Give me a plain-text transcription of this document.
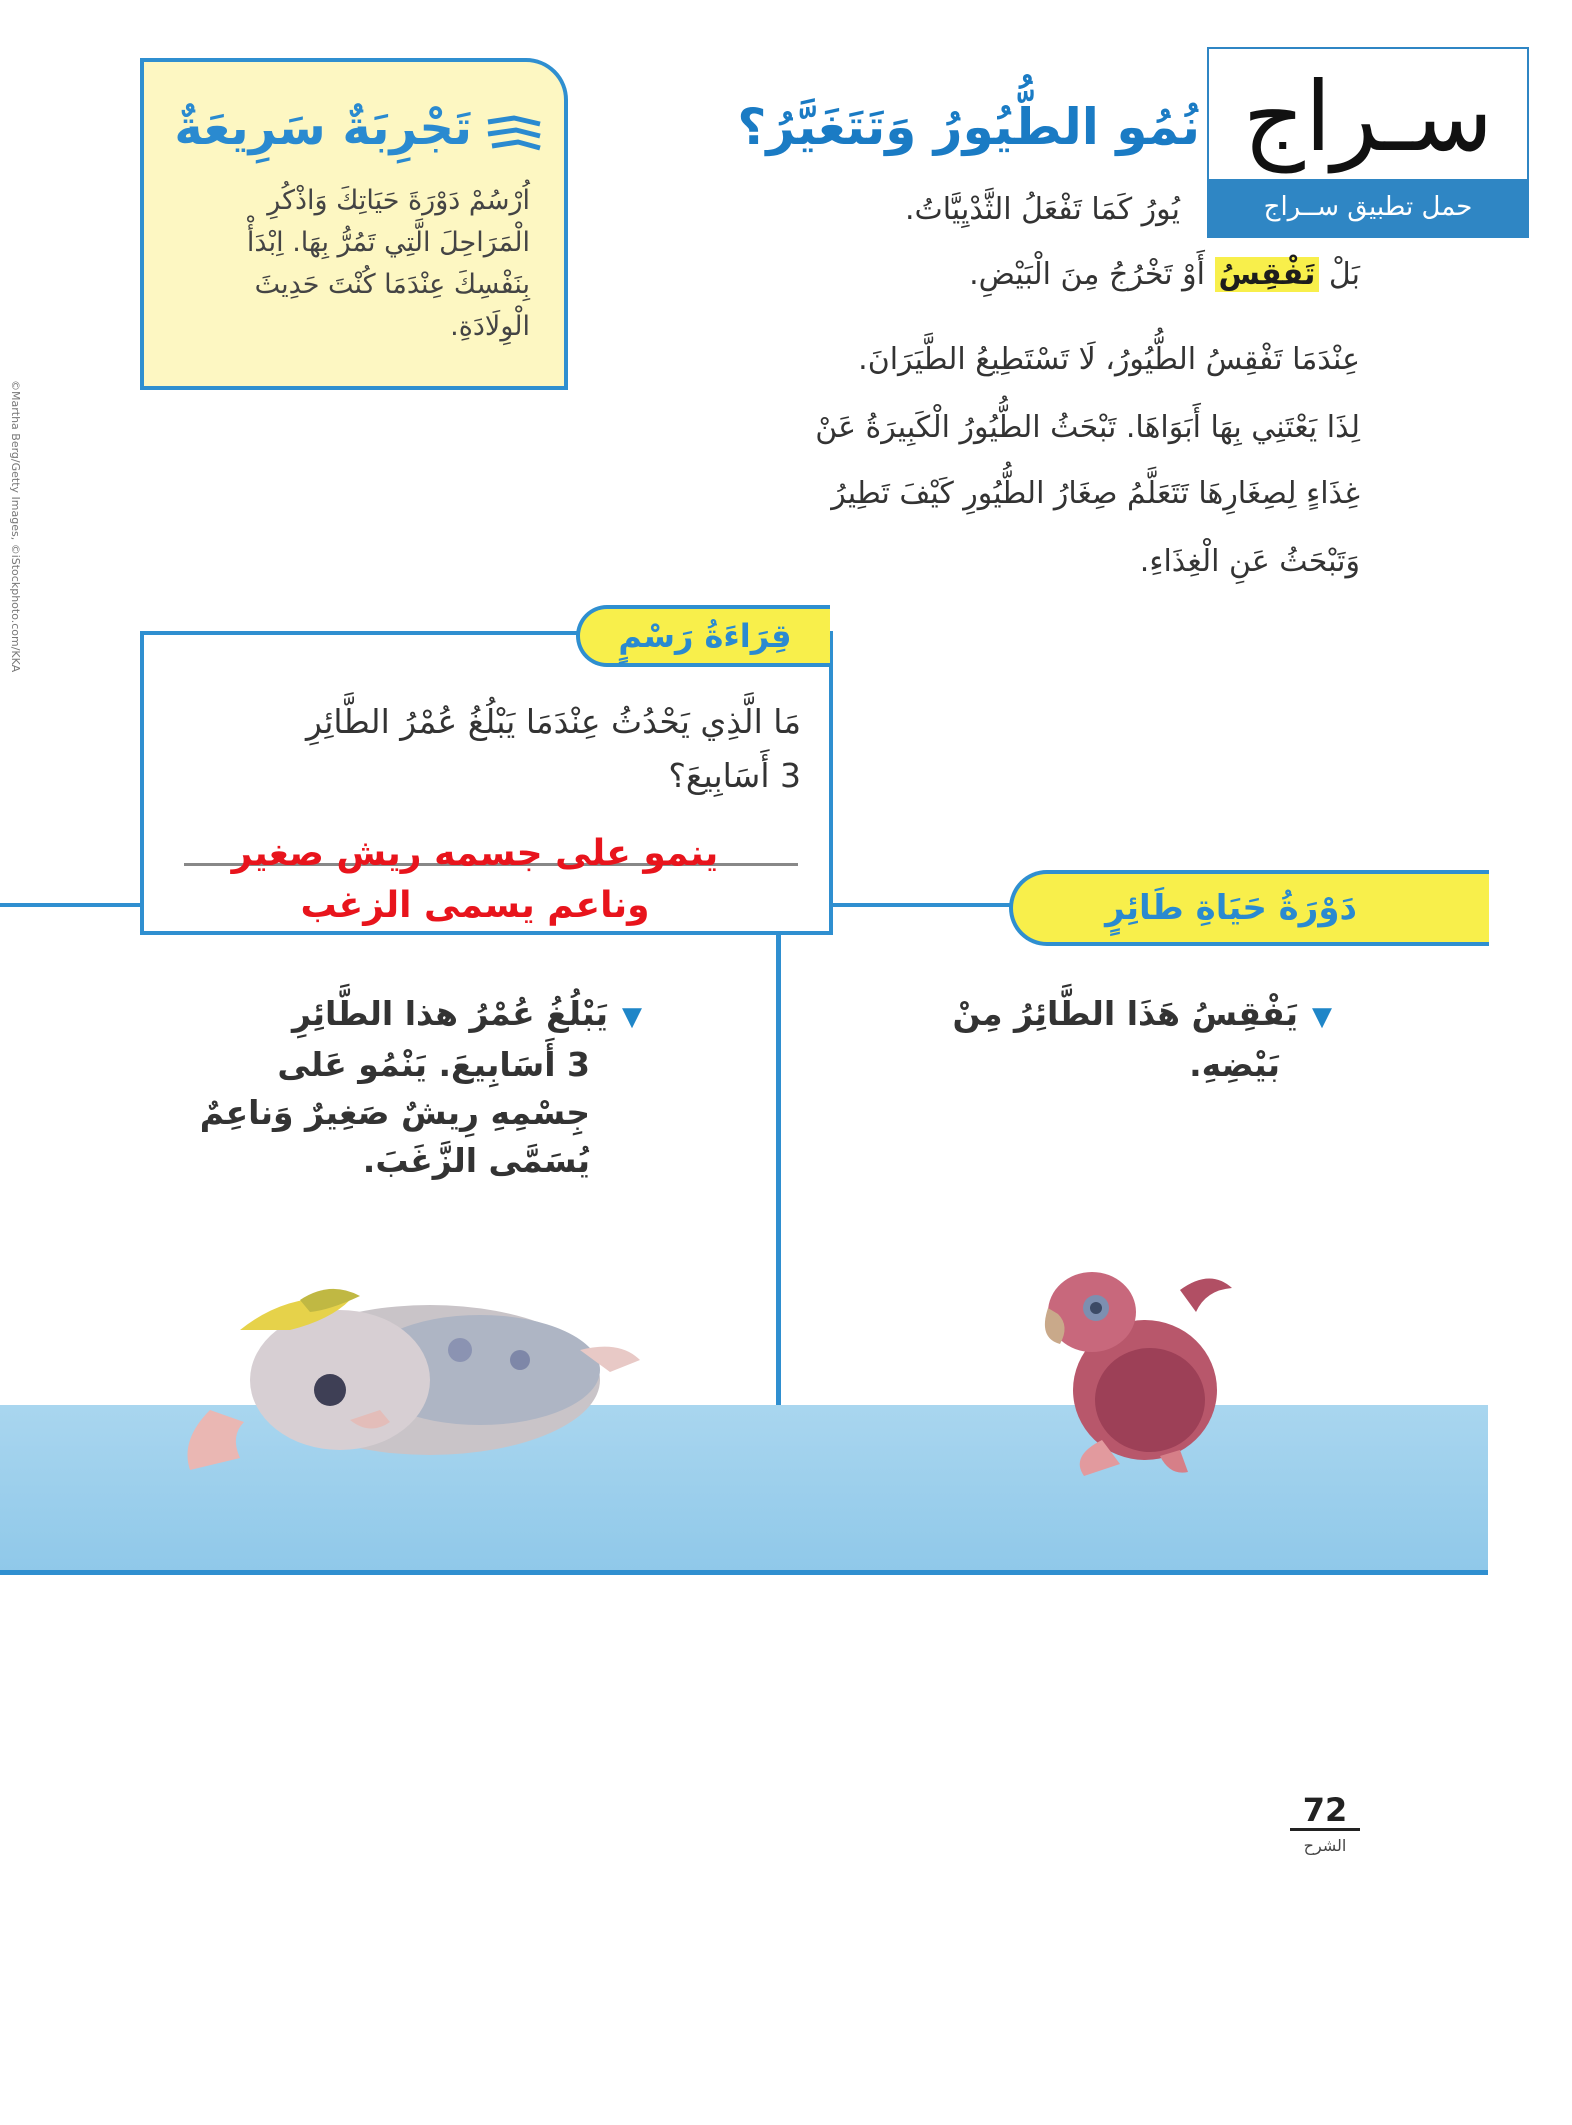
سـراج
حمل تطبيق ســراج
نُمُو الطُّيُورُ وَتَتَغَيَّرُ؟
يُورُ كَمَا تَفْعَلُ الثَّدْيِيَّاتُ.
بَلْ تَفْقِسُ أَوْ تَخْرُجُ مِنَ الْبَيْضِ.
عِنْدَمَا تَفْقِسُ الطُّيُورُ، لَا تَسْتَطِيعُ الطَّيَرَانَ.
لِذَا يَعْتَنِي بِهَا أَبَوَاهَا. تَبْحَثُ الطُّيُورُ الْكَبِيرَةُ عَنْ
غِذَاءٍ لِصِغَارِهَا تَتَعَلَّمُ صِغَارُ الطُّيُورِ كَيْفَ تَطِيرُ
وَتَبْحَثُ عَنِ الْغِذَاءِ.
تَجْرِبَةٌ سَرِيعَةٌ
اُرْسُمْ دَوْرَةَ حَيَاتِكَ وَاذْكُرِ
الْمَرَاحِلَ الَّتِي تَمُرُّ بِهَا. اِبْدَأْ
بِنَفْسِكَ عِنْدَمَا كُنْتَ حَدِيثَ
الْوِلَادَةِ.
©Martha Berg/Getty Images, ©iStockphoto.com/KKA
مَا الَّذِي يَحْدُثُ عِنْدَمَا يَبْلُغُ عُمْرُ الطَّائِرِ
3 أَسَابِيعَ؟
قِرَاءَةُ رَسْمٍ
دَوْرَةُ حَيَاةِ طَائِرٍ
▼يَفْقِسُ هَذَا الطَّائِرُ مِنْ
بَيْضِهِ.
▼يَبْلُغُ عُمْرُ هذا الطَّائِرِ
3 أَسَابِيعَ. يَنْمُو عَلى
جِسْمِهِ رِيشٌ صَغِيرٌ وَناعِمٌ
يُسَمَّى الزَّغَبَ.
ينمو على جسمه ريش صغير
وناعم يسمى الزغب
72
الشرح
